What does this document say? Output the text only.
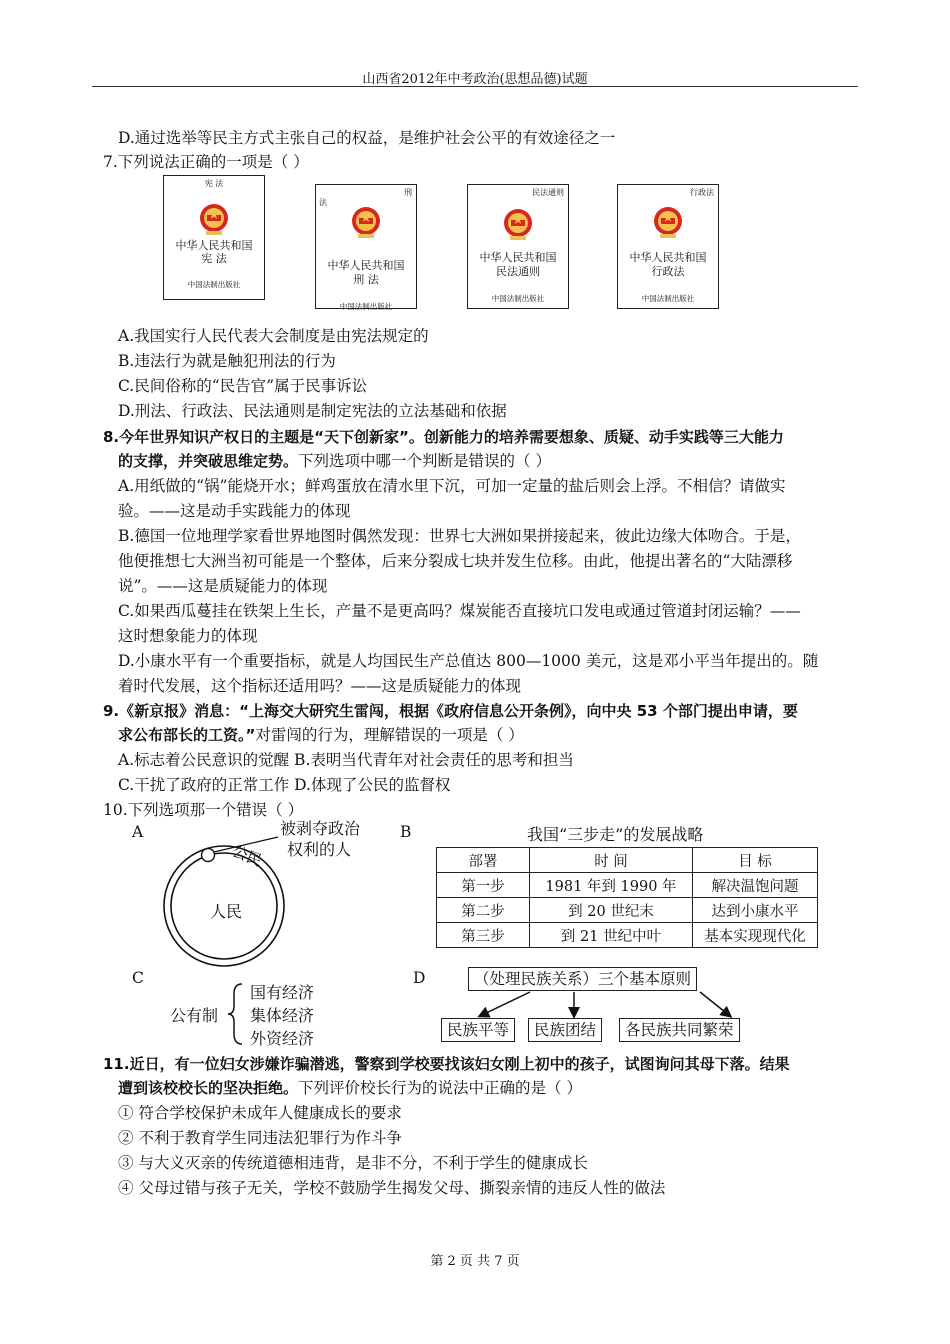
山西省2012年中考政治(思想品德)试题
D.通过选举等民主方式主张自己的权益，是维护社会公平的有效途径之一
7.下列说法正确的一项是（ ）
宪 法
中华人民共和国
宪 法
中国法制出版社
刑
法
中华人民共和国
刑 法
中国法制出版社
民法通则
中华人民共和国
民法通则
中国法制出版社
行政法
中华人民共和国
行政法
中国法制出版社
A.我国实行人民代表大会制度是由宪法规定的
B.违法行为就是触犯刑法的行为
C.民间俗称的“民告官”属于民事诉讼
D.刑法、行政法、民法通则是制定宪法的立法基础和依据
8.今年世界知识产权日的主题是“天下创新家”。创新能力的培养需要想象、质疑、动手实践等三大能力
的支撑，并突破思维定势。下列选项中哪一个判断是错误的（ ）
A.用纸做的“锅”能烧开水；鲜鸡蛋放在清水里下沉，可加一定量的盐后则会上浮。不相信？请做实
验。——这是动手实践能力的体现
B.德国一位地理学家看世界地图时偶然发现：世界七大洲如果拼接起来，彼此边缘大体吻合。于是，
他便推想七大洲当初可能是一个整体，后来分裂成七块并发生位移。由此，他提出著名的“大陆漂移
说”。——这是质疑能力的体现
C.如果西瓜蔓挂在铁架上生长，产量不是更高吗？煤炭能否直接坑口发电或通过管道封闭运输？——
这时想象能力的体现
D.小康水平有一个重要指标，就是人均国民生产总值达 800—1000 美元，这是邓小平当年提出的。随
着时代发展，这个指标还适用吗？——这是质疑能力的体现
9.《新京报》消息：“上海交大研究生雷闯，根据《政府信息公开条例》，向中央 53 个部门提出申请，要
求公布部长的工资。”对雷闯的行为，理解错误的一项是（ ）
A.标志着公民意识的觉醒 B.表明当代青年对社会责任的思考和担当
C.干扰了政府的正常工作 D.体现了公民的监督权
10.下列选项那一个错误（ ）
A
人民
公民
被剥夺政治
权利的人
B	我国“三步走”的发展战略
部署	时 间	目 标
第一步	1981 年到 1990 年	解决温饱问题
第二步	到 20 世纪末	达到小康水平
第三步	到 21 世纪中叶	基本实现现代化
C
公有制
国有经济
集体经济
外资经济
D	（处理民族关系）三个基本原则
民族平等	民族团结	各民族共同繁荣
11.近日，有一位妇女涉嫌诈骗潜逃，警察到学校要找该妇女刚上初中的孩子，试图询问其母下落。结果
遭到该校校长的坚决拒绝。下列评价校长行为的说法中正确的是（ ）
① 符合学校保护未成年人健康成长的要求
② 不利于教育学生同违法犯罪行为作斗争
③ 与大义灭亲的传统道德相违背，是非不分，不利于学生的健康成长
④ 父母过错与孩子无关，学校不鼓励学生揭发父母、撕裂亲情的违反人性的做法
第 2 页 共 7 页
